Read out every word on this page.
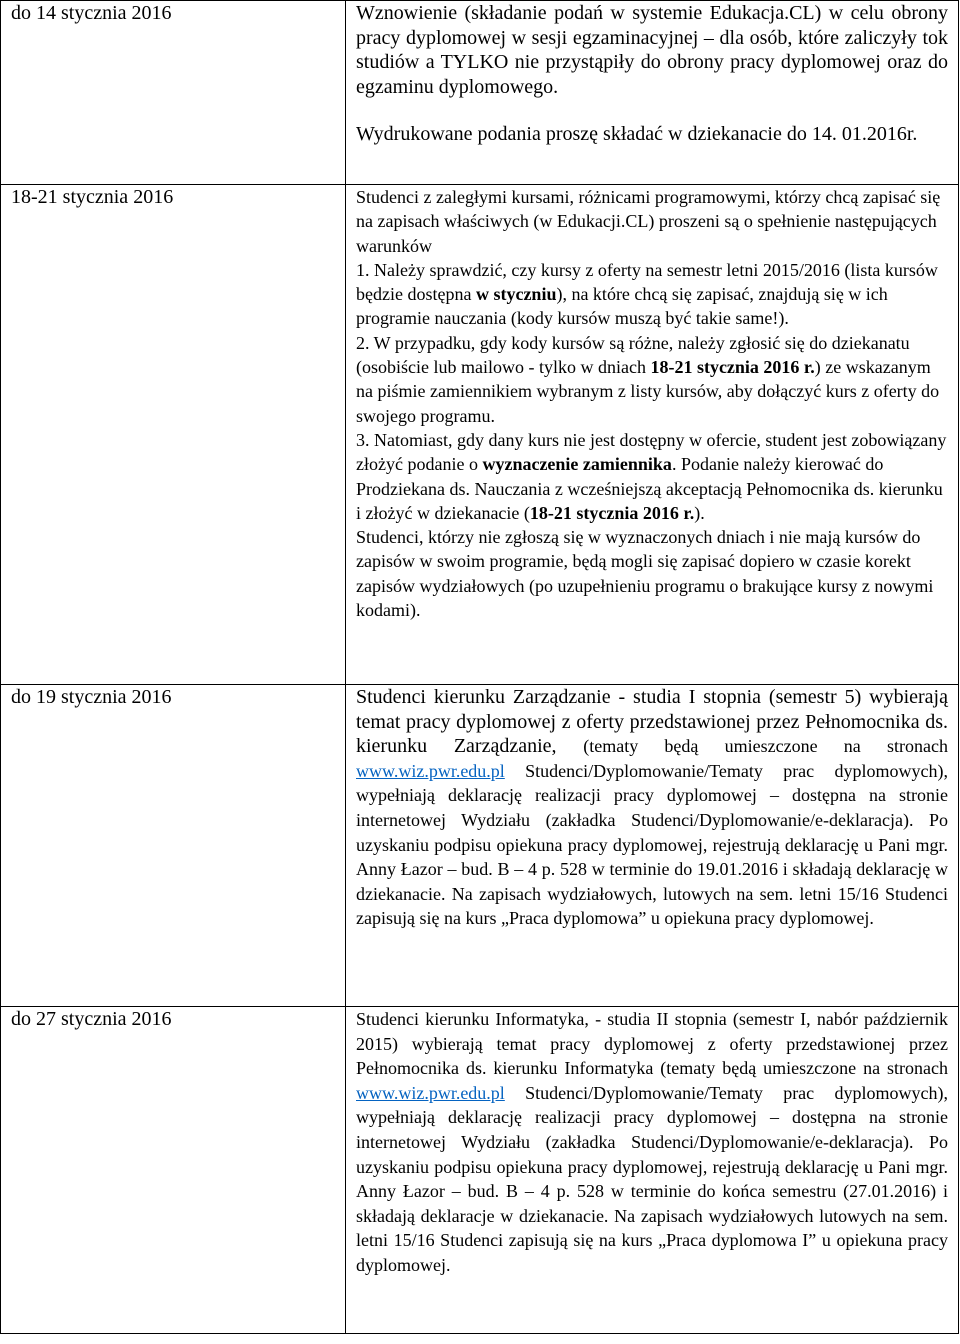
do 14 stycznia 2016	Wznowienie (składanie podań w systemie Edukacja.CL) w celu obrony pracy dyplomowej w sesji egzaminacyjnej – dla osób, które zaliczyły tok studiów a TYLKO nie przystąpiły do obrony pracy dyplomowej oraz do egzaminu dyplomowego.

Wydrukowane podania proszę składać w dziekanacie do 14. 01.2016r.

18-21 stycznia 2016	Studenci z zaległymi kursami, różnicami programowymi, którzy chcą zapisać się na zapisach właściwych (w Edukacji.CL) proszeni są o spełnienie następujących warunków

1. Należy sprawdzić, czy kursy z oferty na semestr letni 2015/2016 (lista kursów będzie dostępna w styczniu), na które chcą się zapisać, znajdują się w ich programie nauczania (kody kursów muszą być takie same!).

2. W przypadku, gdy kody kursów są różne, należy zgłosić się do dziekanatu (osobiście lub mailowo - tylko w dniach 18-21 stycznia 2016 r.) ze wskazanym na piśmie zamiennikiem wybranym z listy kursów, aby dołączyć kurs z oferty do swojego programu.

3. Natomiast, gdy dany kurs nie jest dostępny w ofercie, student jest zobowiązany złożyć podanie o wyznaczenie zamiennika. Podanie należy kierować do Prodziekana ds. Nauczania z wcześniejszą akceptacją Pełnomocnika ds. kierunku i złożyć w dziekanacie (18-21 stycznia 2016 r.).

Studenci, którzy nie zgłoszą się w wyznaczonych dniach i nie mają kursów do zapisów w swoim programie, będą mogli się zapisać dopiero w czasie korekt zapisów wydziałowych (po uzupełnieniu programu o brakujące kursy z nowymi kodami).

do 19 stycznia 2016	Studenci kierunku Zarządzanie - studia I stopnia (semestr 5) wybierają temat pracy dyplomowej z oferty przedstawionej przez Pełnomocnika ds. kierunku Zarządzanie, (tematy będą umieszczone na stronach www.wiz.pwr.edu.pl Studenci/Dyplomowanie/Tematy prac dyplomowych), wypełniają deklarację realizacji pracy dyplomowej – dostępna na stronie internetowej Wydziału (zakładka Studenci/Dyplomowanie/e-deklaracja). Po uzyskaniu podpisu opiekuna pracy dyplomowej, rejestrują deklarację u Pani mgr. Anny Łazor – bud. B – 4 p. 528 w terminie do 19.01.2016 i składają deklarację w dziekanacie. Na zapisach wydziałowych, lutowych na sem. letni 15/16 Studenci zapisują się na kurs „Praca dyplomowa” u opiekuna pracy dyplomowej.

do 27 stycznia 2016	Studenci kierunku Informatyka, - studia II stopnia (semestr I, nabór październik 2015) wybierają temat pracy dyplomowej z oferty przedstawionej przez Pełnomocnika ds. kierunku Informatyka (tematy będą umieszczone na stronach www.wiz.pwr.edu.pl Studenci/Dyplomowanie/Tematy prac dyplomowych), wypełniają deklarację realizacji pracy dyplomowej – dostępna na stronie internetowej Wydziału (zakładka Studenci/Dyplomowanie/e-deklaracja). Po uzyskaniu podpisu opiekuna pracy dyplomowej, rejestrują deklarację u Pani mgr. Anny Łazor – bud. B – 4 p. 528 w terminie do końca semestru (27.01.2016) i składają deklaracje w dziekanacie. Na zapisach wydziałowych lutowych na sem. letni 15/16 Studenci zapisują się na kurs „Praca dyplomowa I” u opiekuna pracy dyplomowej.
